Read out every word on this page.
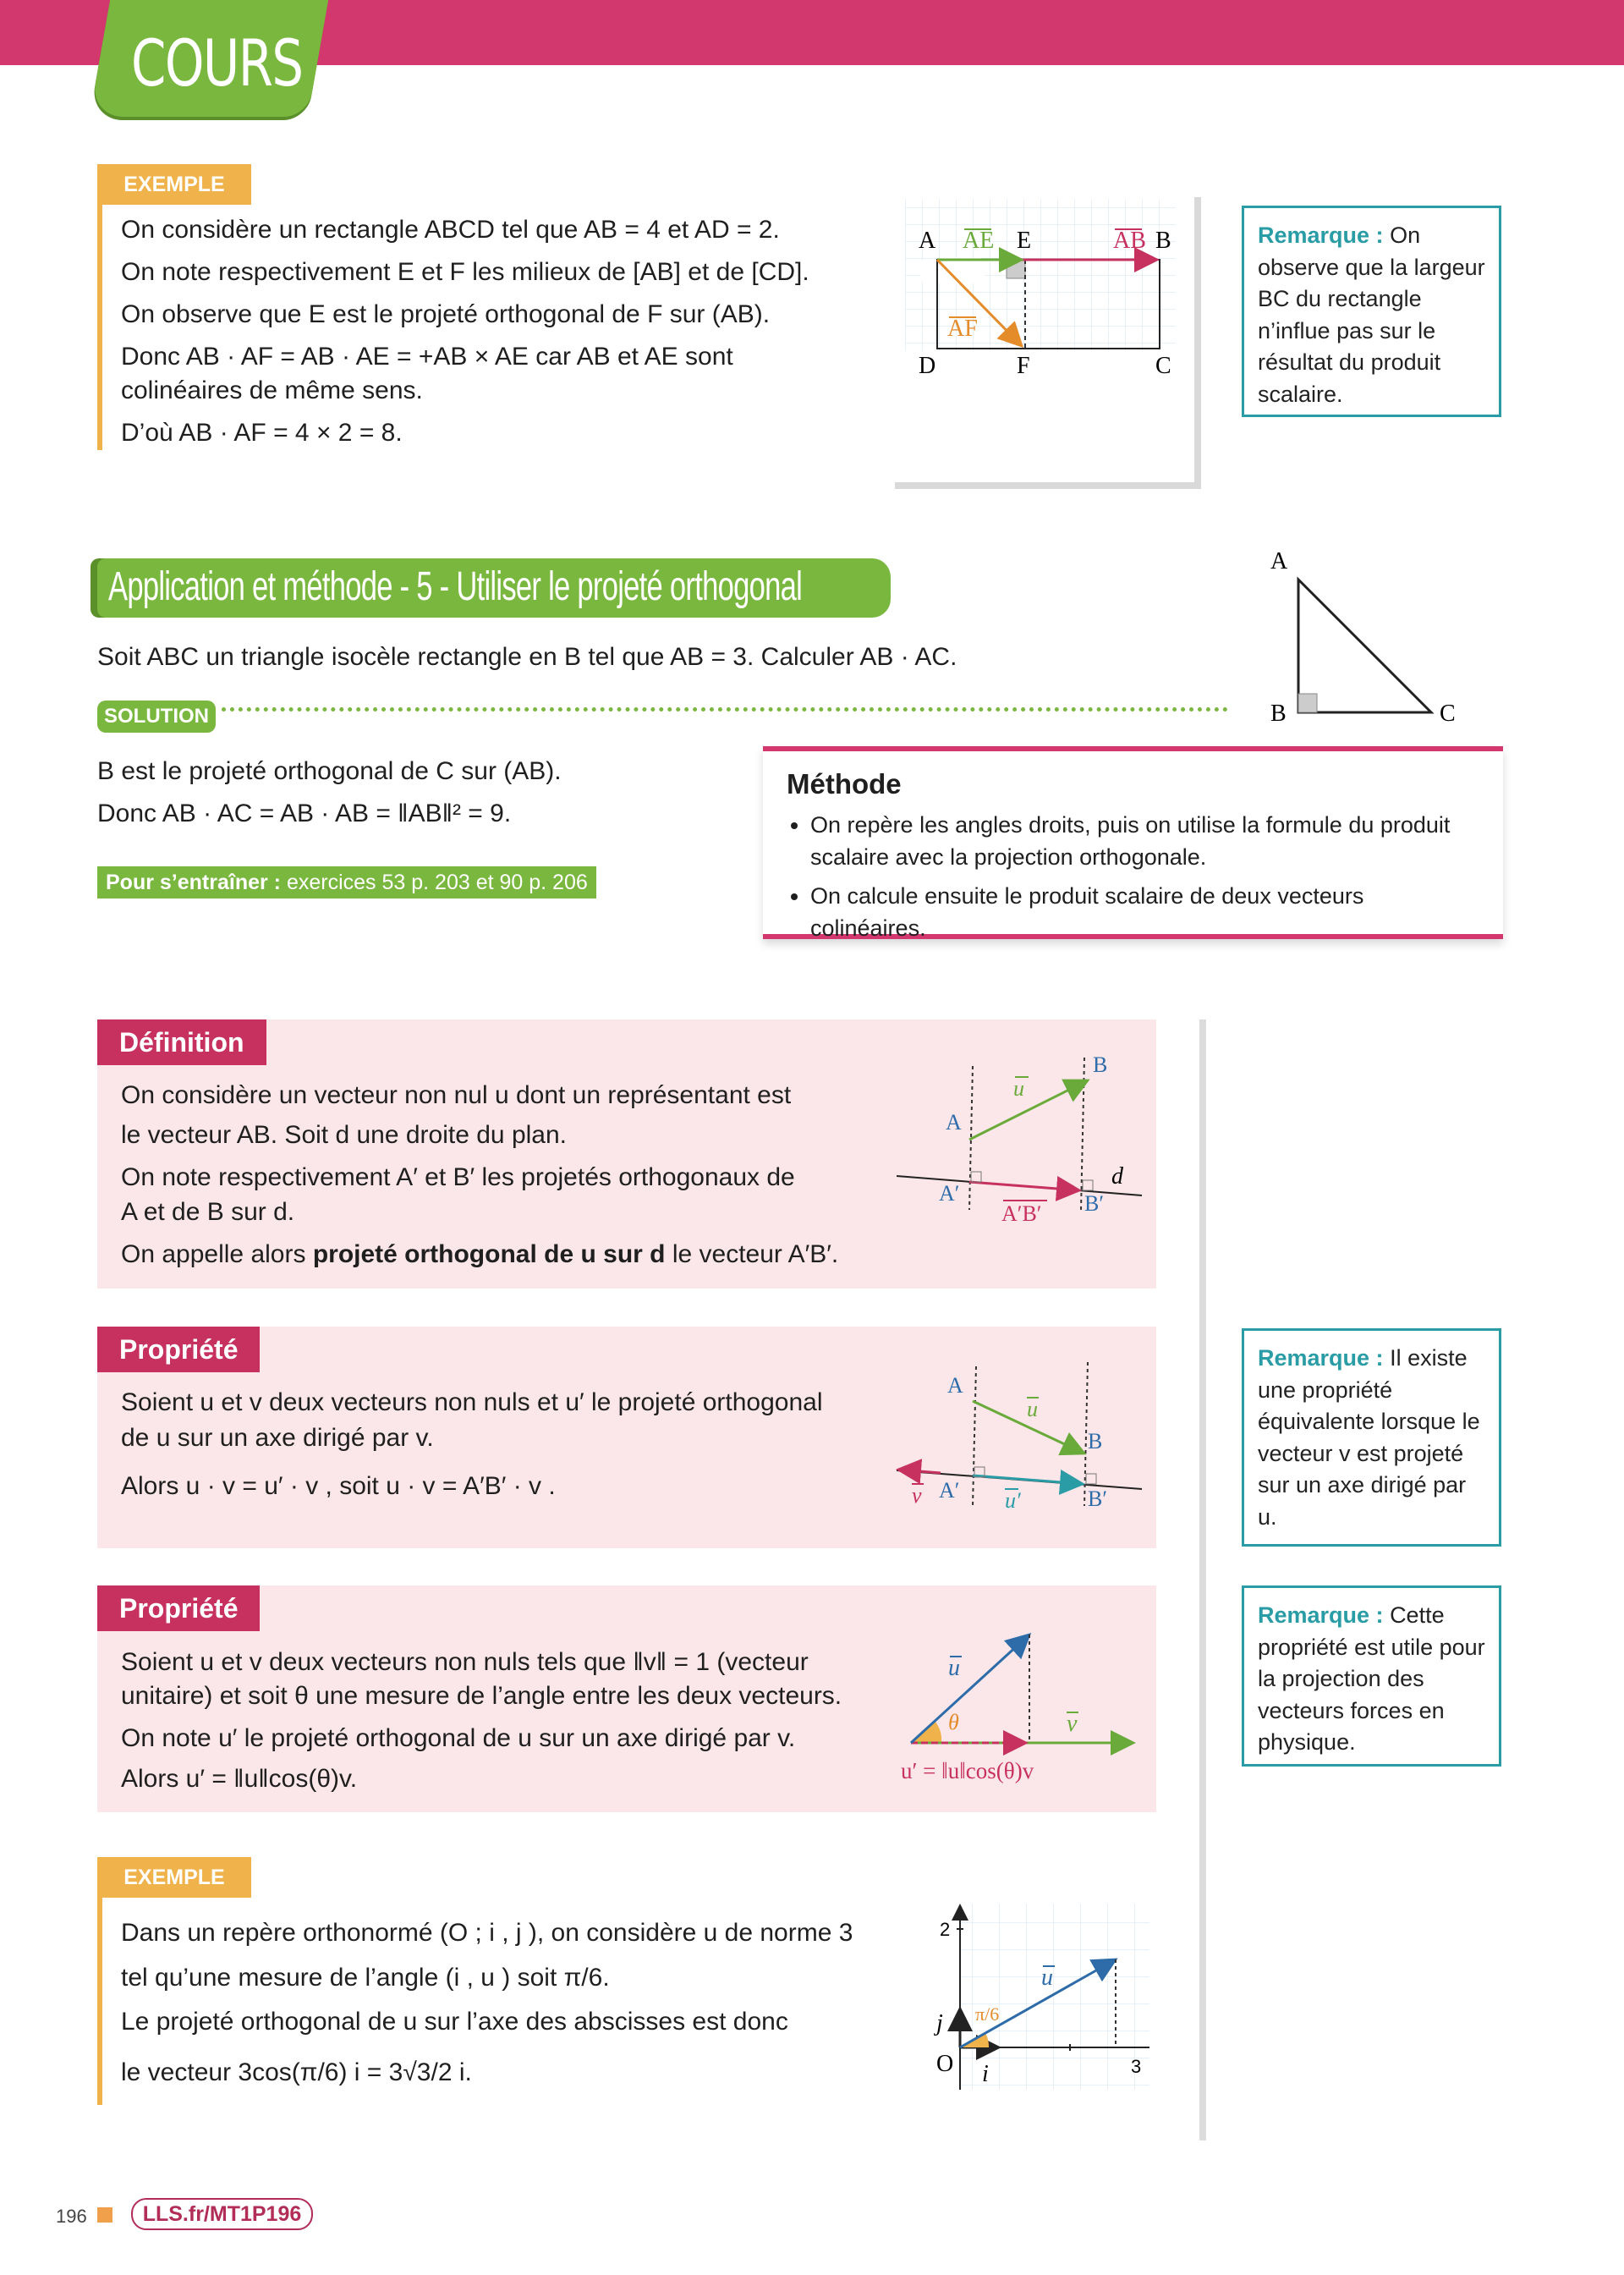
COURS
EXEMPLE
On considère un rectangle ABCD tel que AB = 4 et AD = 2.
On note respectivement E et F les milieux de [AB] et de [CD].
On observe que E est le projeté orthogonal de F sur (AB).
Donc AB · AF = AB · AE = +AB × AE car AB et AE sont
colinéaires de même sens.
D’où AB · AF = 4 × 2 = 8.
A	E	AB
AE	B
D	F	C
AF
Remarque : On observe que la largeur BC du rectangle n’influe pas sur le résultat du produit scalaire.
Application et méthode - 5 - Utiliser le projeté orthogonal
Soit ABC un triangle isocèle rectangle en B tel que AB = 3. Calculer AB · AC.
A
B	C
SOLUTION
B est le projeté orthogonal de C sur (AB).
Donc AB · AC = AB · AB = ‖AB‖² = 9.
Pour s’entraîner : exercices 53 p. 203 et 90 p. 206
Méthode
• On repère les angles droits, puis on utilise la formule du produit scalaire avec la projection orthogonale.
• On calcule ensuite le produit scalaire de deux vecteurs colinéaires.
Définition
On considère un vecteur non nul u dont un représentant est
le vecteur AB. Soit d une droite du plan.
On note respectivement A′ et B′ les projetés orthogonaux de
A et de B sur d.
On appelle alors projeté orthogonal de u sur d le vecteur A′B′.
A
B
A′	B′
u
d
A′B′
Propriété
Soient u et v deux vecteurs non nuls et u′ le projeté orthogonal
de u sur un axe dirigé par v.
Alors u · v = u′ · v , soit u · v = A′B′ · v .
A
B
A′	B′
u
u′
v
Remarque : Il existe une propriété équivalente lorsque le vecteur v est projeté sur un axe dirigé par u.
Propriété
Soient u et v deux vecteurs non nuls tels que ‖v‖ = 1 (vecteur
unitaire) et soit θ une mesure de l’angle entre les deux vecteurs.
On note u′ le projeté orthogonal de u sur un axe dirigé par v.
Alors u′ = ‖u‖cos(θ)v.
u
v
θ
u′ = ‖u‖cos(θ)v
Remarque : Cette propriété est utile pour la projection des vecteurs forces en physique.
EXEMPLE
Dans un repère orthonormé (O ; i , j ), on considère u de norme 3
tel qu’une mesure de l’angle (i , u ) soit π/6.
Le projeté orthogonal de u sur l’axe des abscisses est donc
le vecteur 3cos(π/6) i = 3√3/2 i.
2
3
O i
j
u
π/6
196	LLS.fr/MT1P196
